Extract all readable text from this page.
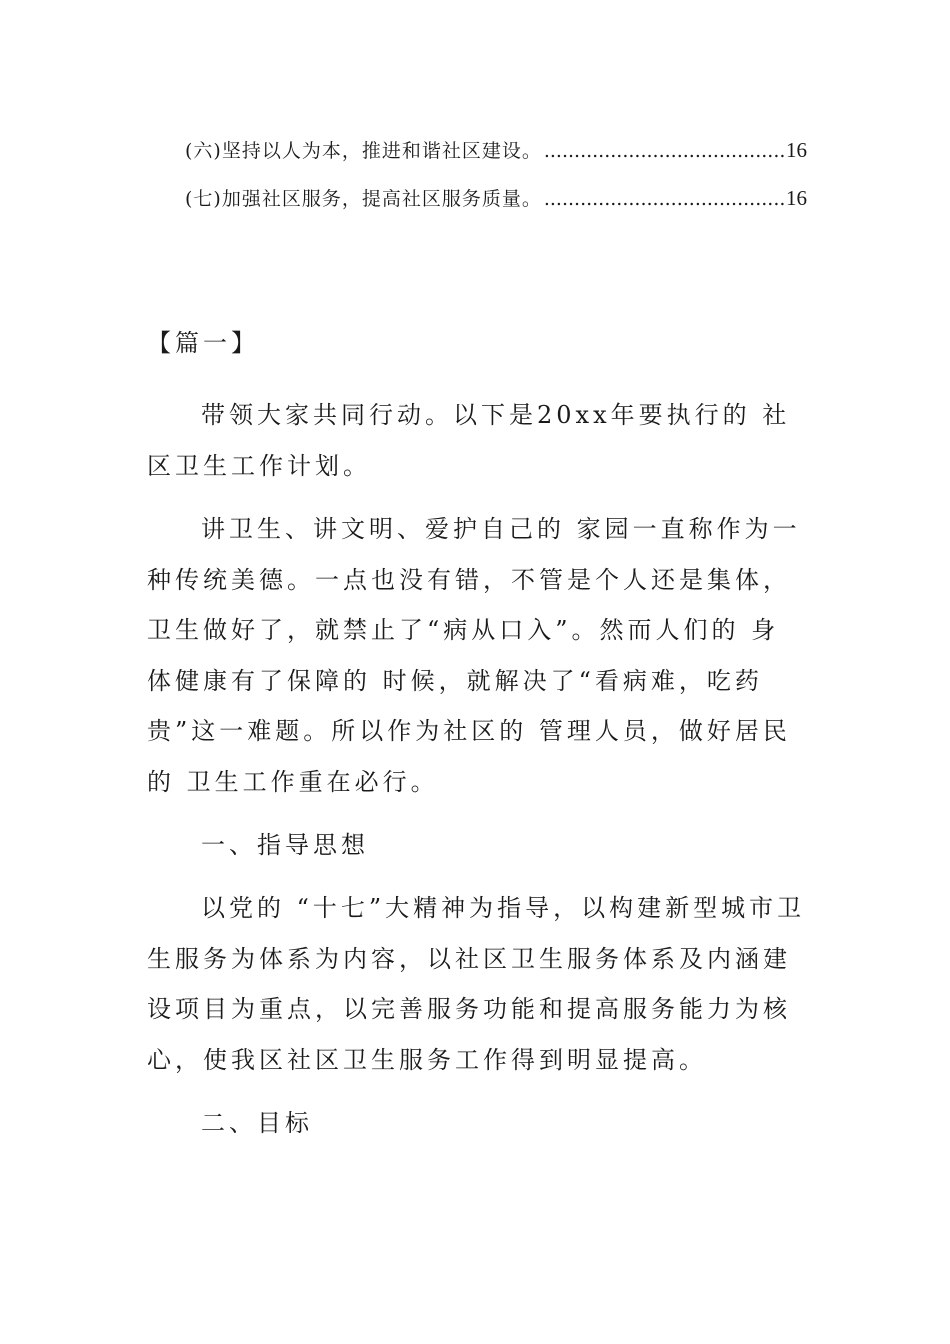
(六)坚持以人为本，推进和谐社区建设。 .....	16
(七)加强社区服务，提高社区服务质量。 .....	16
【篇一】

带领大家共同行动。以下是20xx年要执行的 社区卫生工作计划。

讲卫生、讲文明、爱护自己的 家园一直称作为一种传统美德。一点也没有错，不管是个人还是集体，卫生做好了，就禁止了“病从口入”。然而人们的 身体健康有了保障的 时候，就解决了“看病难，吃药贵”这一难题。所以作为社区的 管理人员，做好居民的 卫生工作重在必行。

一、指导思想

以党的 “十七”大精神为指导，以构建新型城市卫生服务为体系为内容，以社区卫生服务体系及内涵建设项目为重点，以完善服务功能和提高服务能力为核心，使我区社区卫生服务工作得到明显提高。

二、目标
